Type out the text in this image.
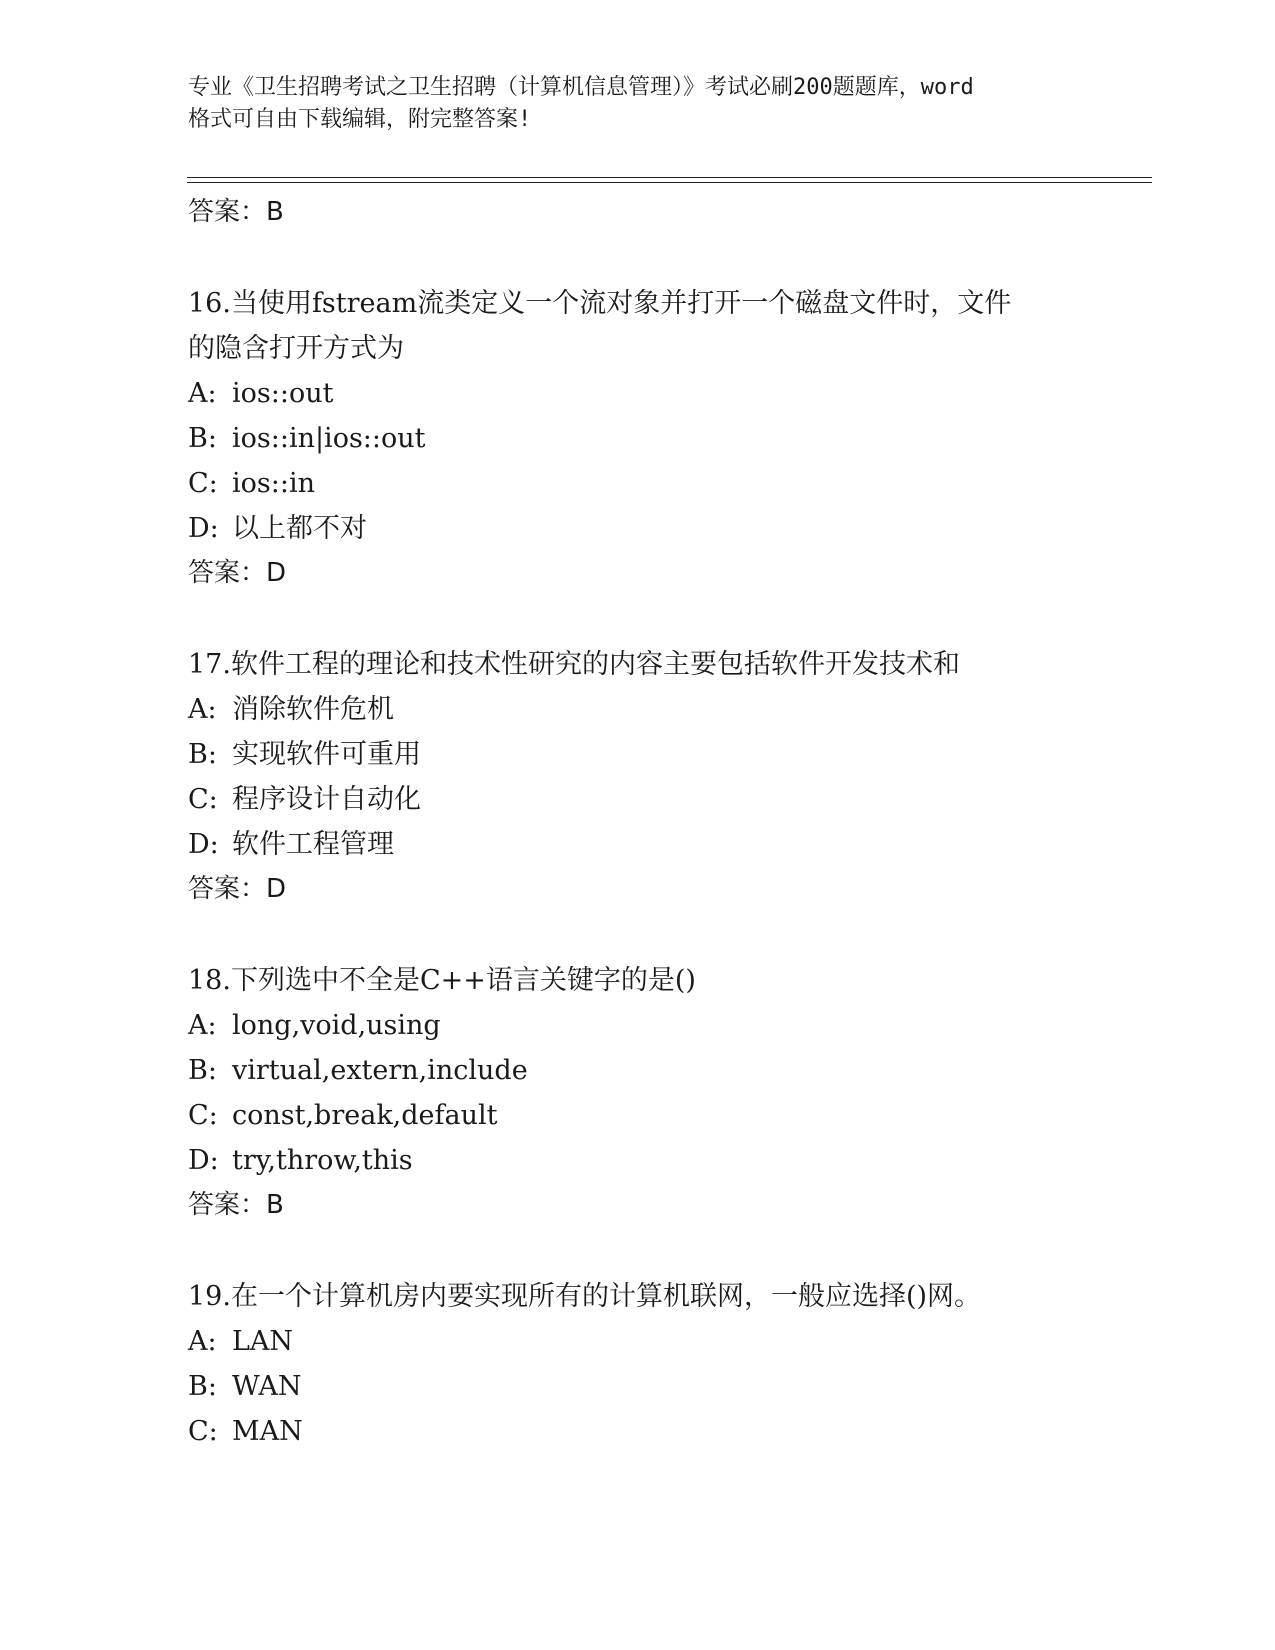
专业《卫生招聘考试之卫生招聘（计算机信息管理）》考试必刷200题题库，word
格式可自由下载编辑，附完整答案!
答案：B
16.当使用fstream流类定义一个流对象并打开一个磁盘文件时，文件
的隐含打开方式为
A: ios::out
B: ios::in|ios::out
C: ios::in
D: 以上都不对
答案：D
17.软件工程的理论和技术性研究的内容主要包括软件开发技术和
A: 消除软件危机
B: 实现软件可重用
C: 程序设计自动化
D: 软件工程管理
答案：D
18.下列选中不全是C++语言关键字的是()
A: long,void,using
B: virtual,extern,include
C: const,break,default
D: try,throw,this
答案：B
19.在一个计算机房内要实现所有的计算机联网，一般应选择()网。
A: LAN
B: WAN
C: MAN
